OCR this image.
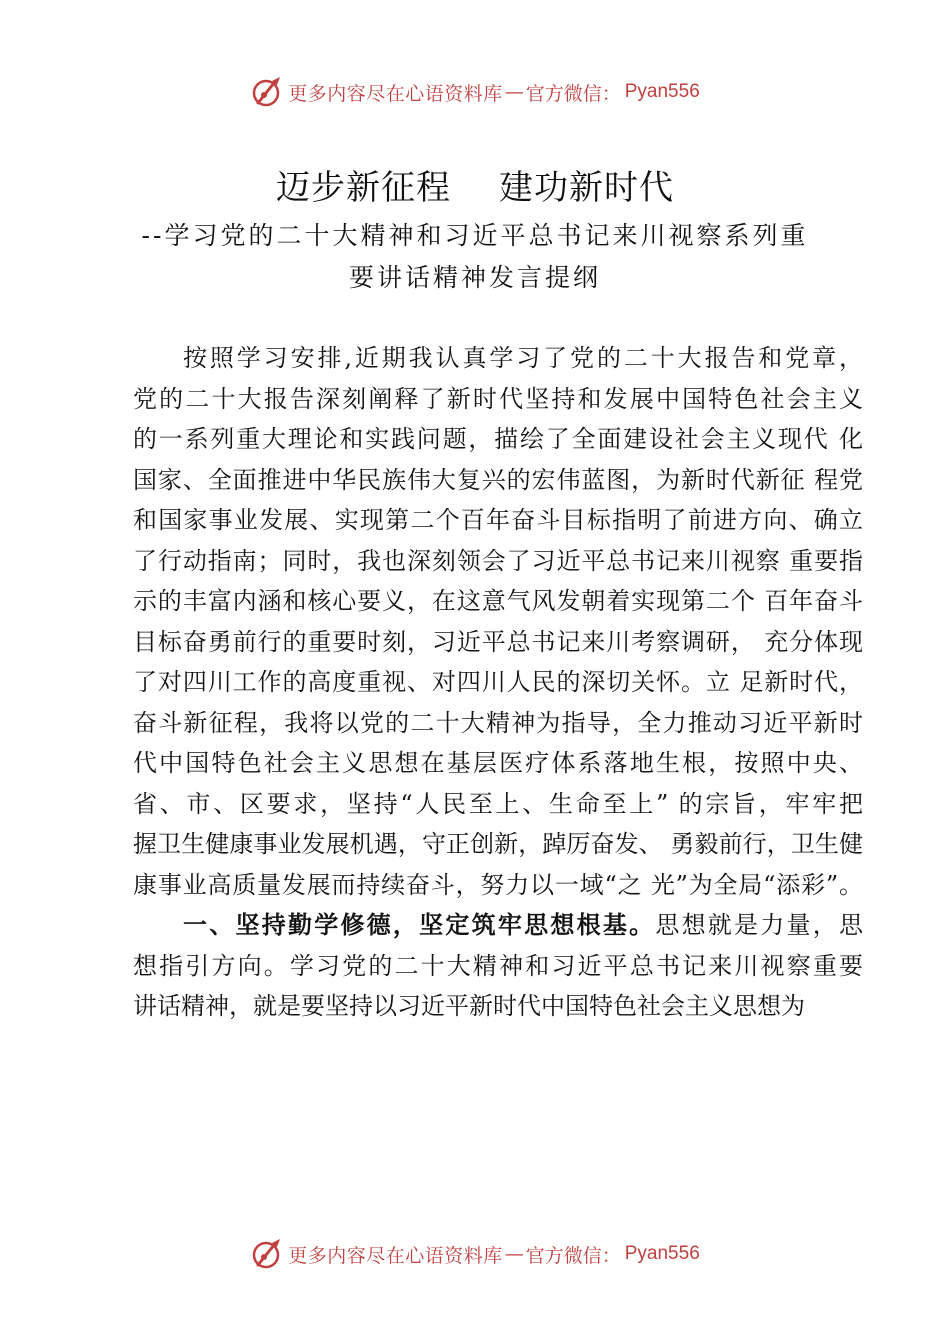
更多内容尽在心语资料库 — 官方微信： Pyan556
迈步新征程 建功新时代
--学习党的二十大精神和习近平总书记来川视察系列重
要讲话精神发言提纲
按照学习安排,近期我认真学习了党的二十大报告和党章，
党的二十大报告深刻阐释了新时代坚持和发展中国特色社会主义
的一系列重大理论和实践问题，描绘了全面建设社会主义现代 化
国家、全面推进中华民族伟大复兴的宏伟蓝图，为新时代新征 程党
和国家事业发展、实现第二个百年奋斗目标指明了前进方向、确立
了行动指南；同时，我也深刻领会了习近平总书记来川视察 重要指
示的丰富内涵和核心要义，在这意气风发朝着实现第二个 百年奋斗
目标奋勇前行的重要时刻，习近平总书记来川考察调研， 充分体现
了对四川工作的高度重视、对四川人民的深切关怀。立 足新时代，
奋斗新征程，我将以党的二十大精神为指导，全力推动习近平新时
代中国特色社会主义思想在基层医疗体系落地生根，按照中央、
省、市、区要求，坚持“人民至上、生命至上” 的宗旨，牢牢把
握卫生健康事业发展机遇，守正创新，踔厉奋发、 勇毅前行，卫生健
康事业高质量发展而持续奋斗，努力以一域“之 光”为全局“添彩”。
一、坚持勤学修德，坚定筑牢思想根基。思想就是力量，思
想指引方向。学习党的二十大精神和习近平总书记来川视察重要
讲话精神，就是要坚持以习近平新时代中国特色社会主义思想为
更多内容尽在心语资料库 — 官方微信： Pyan556
